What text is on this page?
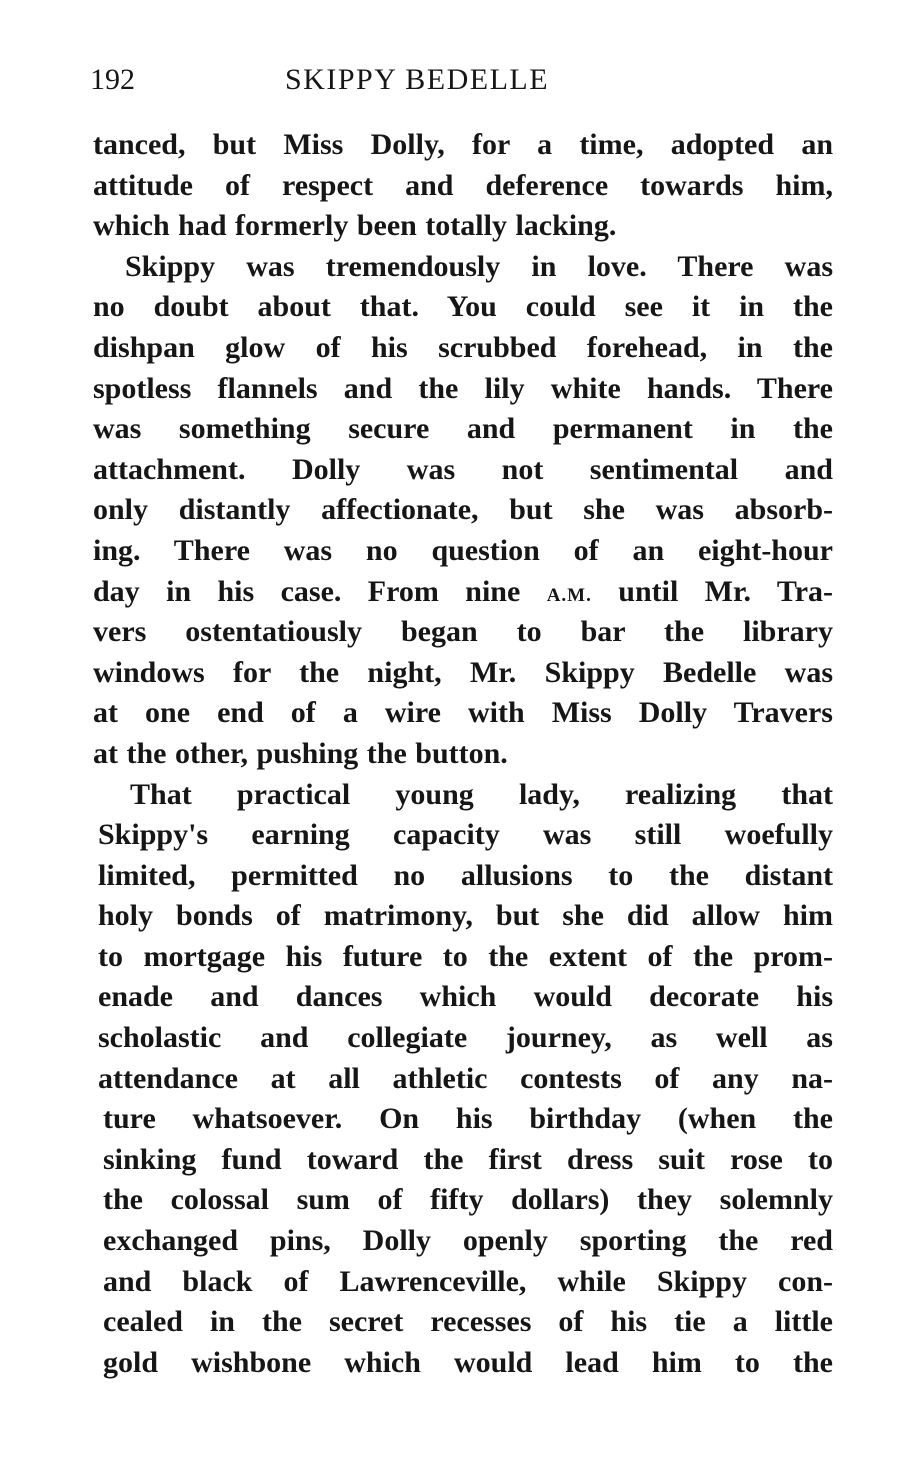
192	SKIPPY BEDELLE
tanced, but Miss Dolly, for a time, adopted an
attitude of respect and deference towards him,
which had formerly been totally lacking.
Skippy was tremendously in love. There was
no doubt about that. You could see it in the
dishpan glow of his scrubbed forehead, in the
spotless flannels and the lily white hands. There
was something secure and permanent in the
attachment. Dolly was not sentimental and
only distantly affectionate, but she was absorb-
ing. There was no question of an eight-hour
day in his case. From nine A.M. until Mr. Tra-
vers ostentatiously began to bar the library
windows for the night, Mr. Skippy Bedelle was
at one end of a wire with Miss Dolly Travers
at the other, pushing the button.
That practical young lady, realizing that
Skippy's earning capacity was still woefully
limited, permitted no allusions to the distant
holy bonds of matrimony, but she did allow him
to mortgage his future to the extent of the prom-
enade and dances which would decorate his
scholastic and collegiate journey, as well as
attendance at all athletic contests of any na-
ture whatsoever. On his birthday (when the
sinking fund toward the first dress suit rose to
the colossal sum of fifty dollars) they solemnly
exchanged pins, Dolly openly sporting the red
and black of Lawrenceville, while Skippy con-
cealed in the secret recesses of his tie a little
gold wishbone which would lead him to the
